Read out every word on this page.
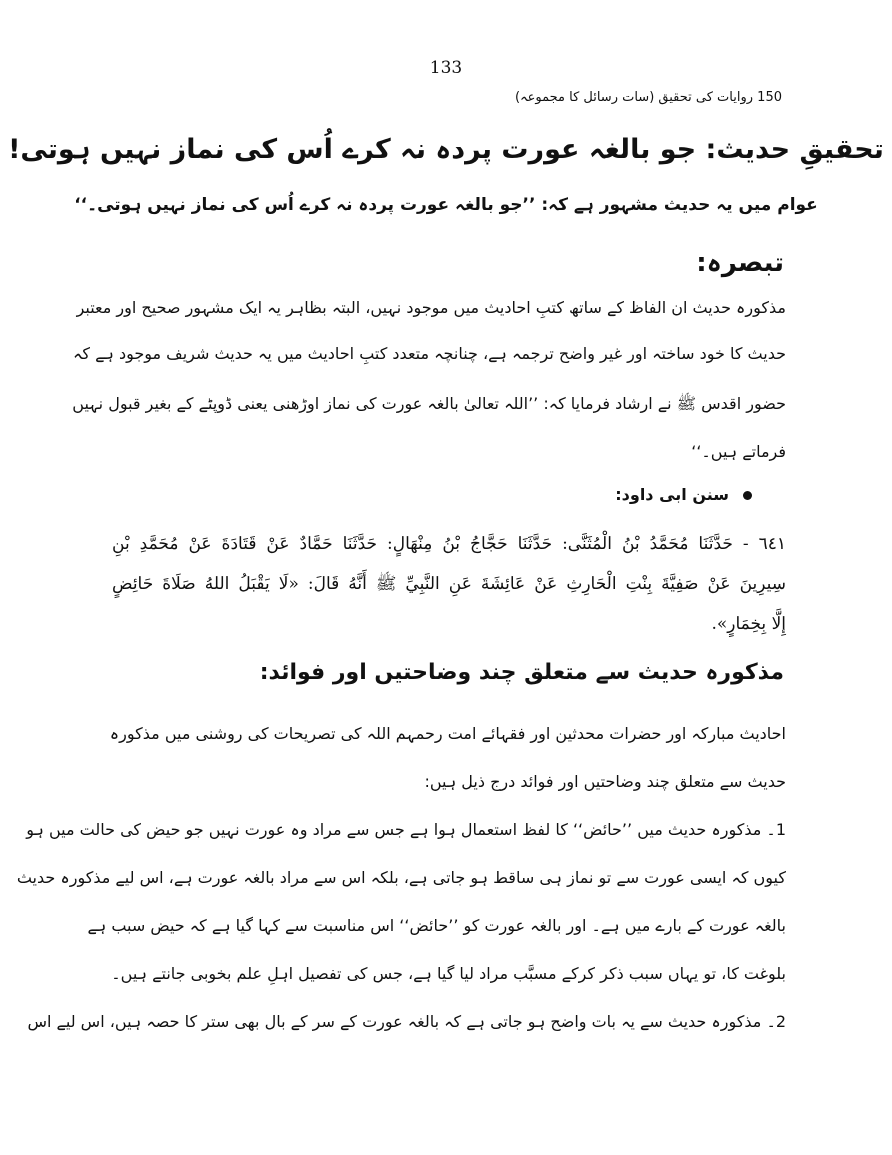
133
150 روایات کی تحقیق (سات رسائل کا مجموعہ)
تحقیقِ حدیث: جو بالغہ عورت پردہ نہ کرے اُس کی نماز نہیں ہوتی!
عوام میں یہ حدیث مشہور ہے کہ: ’’جو بالغہ عورت پردہ نہ کرے اُس کی نماز نہیں ہوتی۔‘‘
تبصرہ:
مذکورہ حدیث ان الفاظ کے ساتھ کتبِ احادیث میں موجود نہیں، البتہ بظاہر یہ ایک مشہور صحیح اور معتبر
حدیث کا خود ساختہ اور غیر واضح ترجمہ ہے، چنانچہ متعدد کتبِ احادیث میں یہ حدیث شریف موجود ہے کہ
حضور اقدس ﷺ نے ارشاد فرمایا کہ: ’’اللہ تعالیٰ بالغہ عورت کی نماز اوڑھنی یعنی ڈوپٹے کے بغیر قبول نہیں
فرماتے ہیں۔‘‘
سنن ابی داود:
٦٤١ - حَدَّثَنَا مُحَمَّدُ بْنُ الْمُثَنَّى: حَدَّثَنَا حَجَّاجُ بْنُ مِنْهَالٍ: حَدَّثَنَا حَمَّادٌ عَنْ قَتَادَةَ عَنْ مُحَمَّدِ بْنِ
سِيرِينَ عَنْ صَفِيَّةَ بِنْتِ الْحَارِثِ عَنْ عَائِشَةَ عَنِ النَّبِيِّ ﷺ أَنَّهُ قَالَ: «لَا يَقْبَلُ اللهُ صَلَاةَ حَائِضٍ
إِلَّا بِخِمَارٍ».
مذکورہ حدیث سے متعلق چند وضاحتیں اور فوائد:
احادیث مبارکہ اور حضرات محدثین اور فقہائے امت رحمہم اللہ کی تصریحات کی روشنی میں مذکورہ
حدیث سے متعلق چند وضاحتیں اور فوائد درج ذیل ہیں:
1۔ مذکورہ حدیث میں ’’حائض‘‘ کا لفظ استعمال ہوا ہے جس سے مراد وہ عورت نہیں جو حیض کی حالت میں ہو
کیوں کہ ایسی عورت سے تو نماز ہی ساقط ہو جاتی ہے، بلکہ اس سے مراد بالغہ عورت ہے، اس لیے مذکورہ حدیث
بالغہ عورت کے بارے میں ہے۔ اور بالغہ عورت کو ’’حائض‘‘ اس مناسبت سے کہا گیا ہے کہ حیض سبب ہے
بلوغت کا، تو یہاں سبب ذکر کرکے مسبَّب مراد لیا گیا ہے، جس کی تفصیل اہلِ علم بخوبی جانتے ہیں۔
2۔ مذکورہ حدیث سے یہ بات واضح ہو جاتی ہے کہ بالغہ عورت کے سر کے بال بھی ستر کا حصہ ہیں، اس لیے اس
